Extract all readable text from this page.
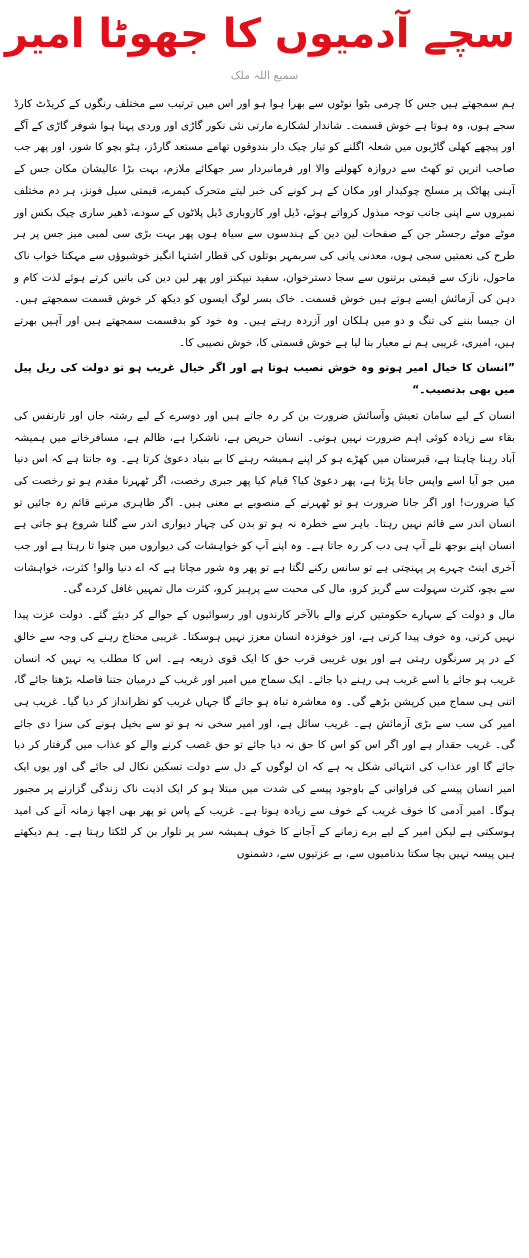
سچے آدمیوں کا جھوٹا امیر
سمیع اللہ ملک

ہم سمجھتے ہیں جس کا چرمی بٹوا نوٹوں سے بھرا ہوا ہو اور اس میں ترتیب سے مختلف رنگوں کے کریڈٹ کارڈ سجے ہوں، وہ ہوتا ہے خوش قسمت۔ شاندار لشکارے مارتی نئی نکور گاڑی اور وردی پہنا ہوا شوفر گاڑی کے آگے اور پیچھے کھلی گاڑیوں میں شعلہ اگلنے کو تیار چیک دار بندوقوں تھامے مستعد گارڈز، ہٹو بچو کا شور، اور پھر جب صاحب اتریں تو کھٹ سے دروازہ کھولنے والا اور فرمانبردار سر جھکائے ملازم، بہت بڑا عالیشان مکان جس کے آہنی پھاٹک پر مسلح چوکیدار اور مکان کے ہر کونے کی خبر لیتے متحرک کیمرے، قیمتی سیل فونز، ہر دم مختلف نمبروں سے اپنی جانب توجہ مبذول کرواتے ہوئے، ڈیل اور کاروباری ڈیل پلاٹوں کے سودے، ڈھیر ساری چیک بکس اور موٹے موٹے رجسٹر جن کے صفحات لین دین کے ہندسوں سے سیاہ ہوں پھر بہت بڑی سی لمبی میز جس پر ہر طرح کی نعمتیں سجی ہوں، معدنی پانی کی سربمہر بوتلوں کی قطار اشتہا انگیز خوشبوؤں سے مہکتا خواب ناک ماحول، نازک سے قیمتی برتنوں سے سجا دسترخوان، سفید نیپکنز اور پھر لین دین کی باتیں کرتے ہوئے لذت کام و دہن کی آزمائش ایسے ہوتے ہیں خوش قسمت۔ خاک بسر لوگ ایسوں کو دیکھ کر خوش قسمت سمجھتے ہیں۔ ان جیسا بننے کی تنگ و دو میں ہلکان اور آزردہ رہتے ہیں۔ وہ خود کو بدقسمت سمجھتے ہیں اور آہیں بھرتے ہیں، امیری، غریبی ہم نے معیار بنا لیا ہے خوش قسمتی کا، خوش نصیبی کا۔

”انسان کا خیال امیر ہوتو وہ خوش نصیب ہوتا ہے اور اگر خیال غریب ہو تو دولت کی ریل پیل میں بھی بدنصیب۔“

انسان کے لیے سامان تعیش وآسائش ضرورت بن کر رہ جاتے ہیں اور دوسرے کے لیے رشتہ جاں اور تارنفس کی بقاء سے زیادہ کوئی اہم ضرورت نہیں ہوتی۔ انسان حریص ہے، ناشکرا ہے، ظالم ہے، مسافرخانے میں ہمیشہ آباد رہنا چاہتا ہے، قبرستان میں کھڑے ہو کر اپنے ہمیشہ رہنے کا بے بنیاد دعویٰ کرتا ہے۔ وہ جانتا ہے کہ اس دنیا میں جو آیا اسے واپس جانا پڑتا ہے، پھر دعویٰ کیا؟ قیام کیا پھر جبری رخصت، اگر ٹھہرنا مقدم ہو تو رخصت کی کیا ضرورت! اور اگر جانا ضرورت ہو تو ٹھہرنے کے منصوبے بے معنی ہیں۔ اگر ظاہری مرتبے قائم رہ جائیں تو انسان اندر سے قائم نہیں رہتا۔ باہر سے خطرہ نہ ہو تو بدن کی چہار دیواری اندر سے گلنا شروع ہو جاتی ہے انسان اپنے بوجھ تلے آپ ہی دب کر رہ جاتا ہے۔ وہ اپنے آپ کو خواہشات کی دیواروں میں چنوا تا رہتا ہے اور جب آخری اینٹ چہرے پر پہنچتی ہے تو سانس رکنے لگتا ہے تو پھر وہ شور مچاتا ہے کہ اے دنیا والو! کثرت، خواہشات سے بچو، کثرت سہولت سے گریز کرو، مال کی محبت سے پرہیز کرو، کثرت مال تمہیں غافل کردے گی۔

مال و دولت کے سہارے حکومتیں کرنے والے بالآخر کارندوں اور رسوائیوں کے حوالے کر دیئے گئے۔ دولت عزت پیدا نہیں کرتی، وہ خوف پیدا کرتی ہے، اور خوفزدہ انسان معزز نہیں ہوسکتا۔ غریبی محتاج رہنے کی وجہ سے خالق کے در پر سرنگوں رہتی ہے اور یوں غریبی قرب حق کا ایک قوی ذریعہ ہے۔ اس کا مطلب یہ نہیں کہ انسان غریب ہو جائے یا اسے غریب ہی رہنے دیا جائے۔ ایک سماج میں امیر اور غریب کے درمیان جتنا فاصلہ بڑھتا جائے گا، اتنی ہی سماج میں کرپشن بڑھے گی۔ وہ معاشرہ تباہ ہو جائے گا جہاں غریب کو نظرانداز کر دیا گیا۔ غریب ہی امیر کی سب سے بڑی آزمائش ہے۔ غریب سائل ہے، اور امیر سخی نہ ہو تو سے بخیل ہونے کی سزا دی جائے گی۔ غریب حقدار ہے اور اگر اس کو اس کا حق نہ دیا جائے تو حق غصب کرنے والے کو عذاب میں گرفتار کر دیا جائے گا اور عذاب کی انتہائی شکل یہ ہے کہ ان لوگوں کے دل سے دولت تسکین نکال لی جائے گی اور یوں ایک امیر انسان پیسے کی فراوانی کے باوجود پیسے کی شدت میں مبتلا ہو کر ایک اذیت ناک زندگی گزارنے پر مجبور ہوگا۔ امیر آدمی کا خوف غریب کے خوف سے زیادہ ہوتا ہے۔ غریب کے پاس تو پھر بھی اچھا زمانہ آنے کی امید ہوسکتی ہے لیکن امیر کے لیے برے زمانے کے آجانے کا خوف ہمیشہ سر پر تلوار بن کر لٹکتا رہتا ہے۔ ہم دیکھتے ہیں پیسہ نہیں بچا سکتا بدنامیوں سے، بے عزتیوں سے، دشمنوں
